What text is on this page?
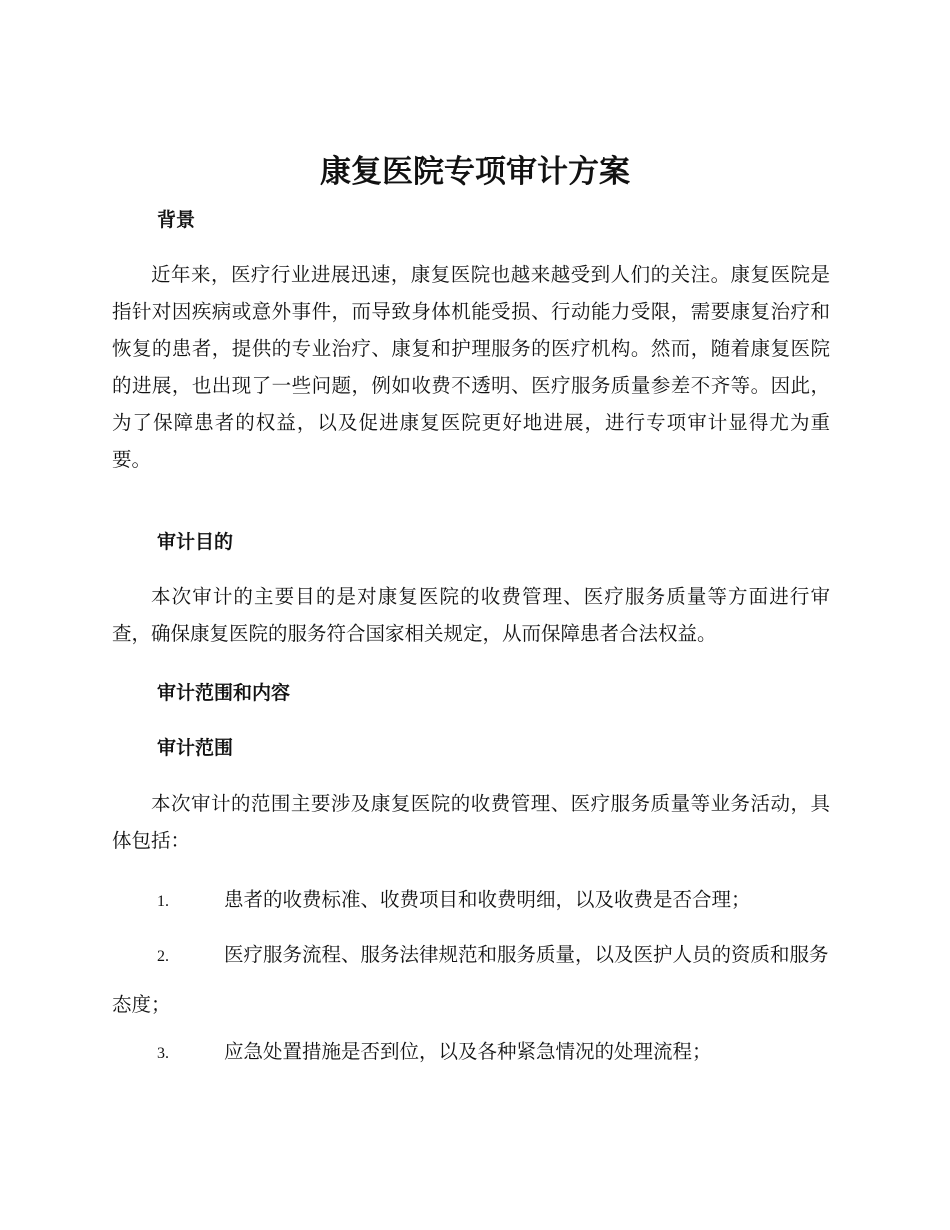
康复医院专项审计方案
背景

近年来，医疗行业进展迅速，康复医院也越来越受到人们的关注。康复医院是指针对因疾病或意外事件，而导致身体机能受损、行动能力受限，需要康复治疗和恢复的患者，提供的专业治疗、康复和护理服务的医疗机构。然而，随着康复医院的进展，也出现了一些问题，例如收费不透明、医疗服务质量参差不齐等。因此，为了保障患者的权益，以及促进康复医院更好地进展，进行专项审计显得尤为重要。

审计目的

本次审计的主要目的是对康复医院的收费管理、医疗服务质量等方面进行审查，确保康复医院的服务符合国家相关规定，从而保障患者合法权益。

审计范围和内容
审计范围

本次审计的范围主要涉及康复医院的收费管理、医疗服务质量等业务活动，具体包括：

1.	患者的收费标准、收费项目和收费明细，以及收费是否合理；

2.	医疗服务流程、服务法律规范和服务质量，以及医护人员的资质和服务态度；

3.	应急处置措施是否到位，以及各种紧急情况的处理流程；
